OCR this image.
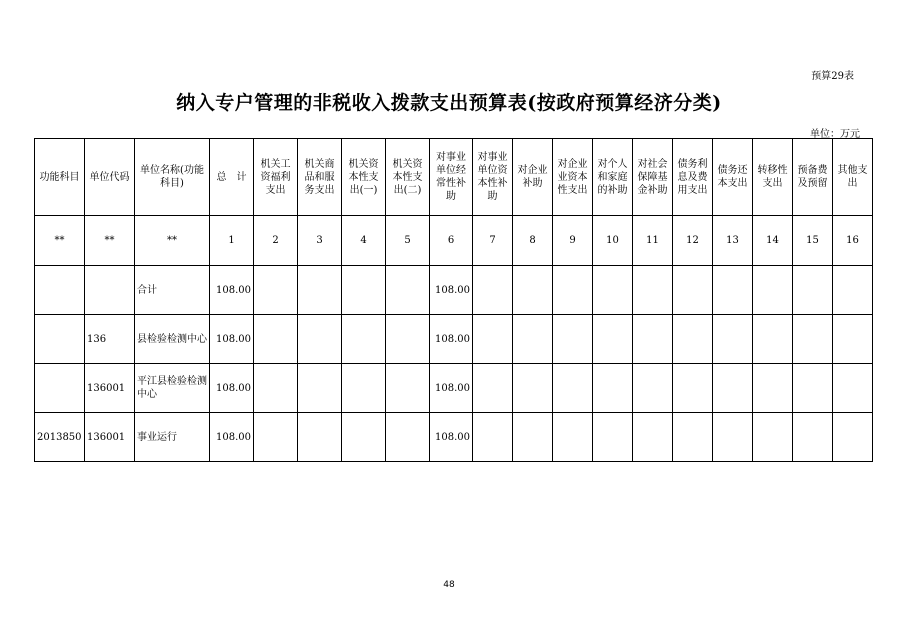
预算29表
纳入专户管理的非税收入拨款支出预算表(按政府预算经济分类)
单位：万元
功能科目	单位代码	单位名称(功能科目)	总　计	机关工资福利支出	机关商品和服务支出	机关资本性支出(一)	机关资本性支出(二)	对事业单位经常性补助	对事业单位资本性补助	对企业补助	对企业业资本性支出	对个人和家庭的补助	对社会保障基金补助	债务利息及费用支出	债务还本支出	转移性支出	预备费及预留	其他支出
**	**	**	1	2	3	4	5	6	7	8	9	10	11	12	13	14	15	16
		合计	108.00					108.00										
	136	县检验检测中心	108.00					108.00										
	136001	平江县检验检测中心	108.00					108.00										
2013850	136001	事业运行	108.00					108.00										
48
